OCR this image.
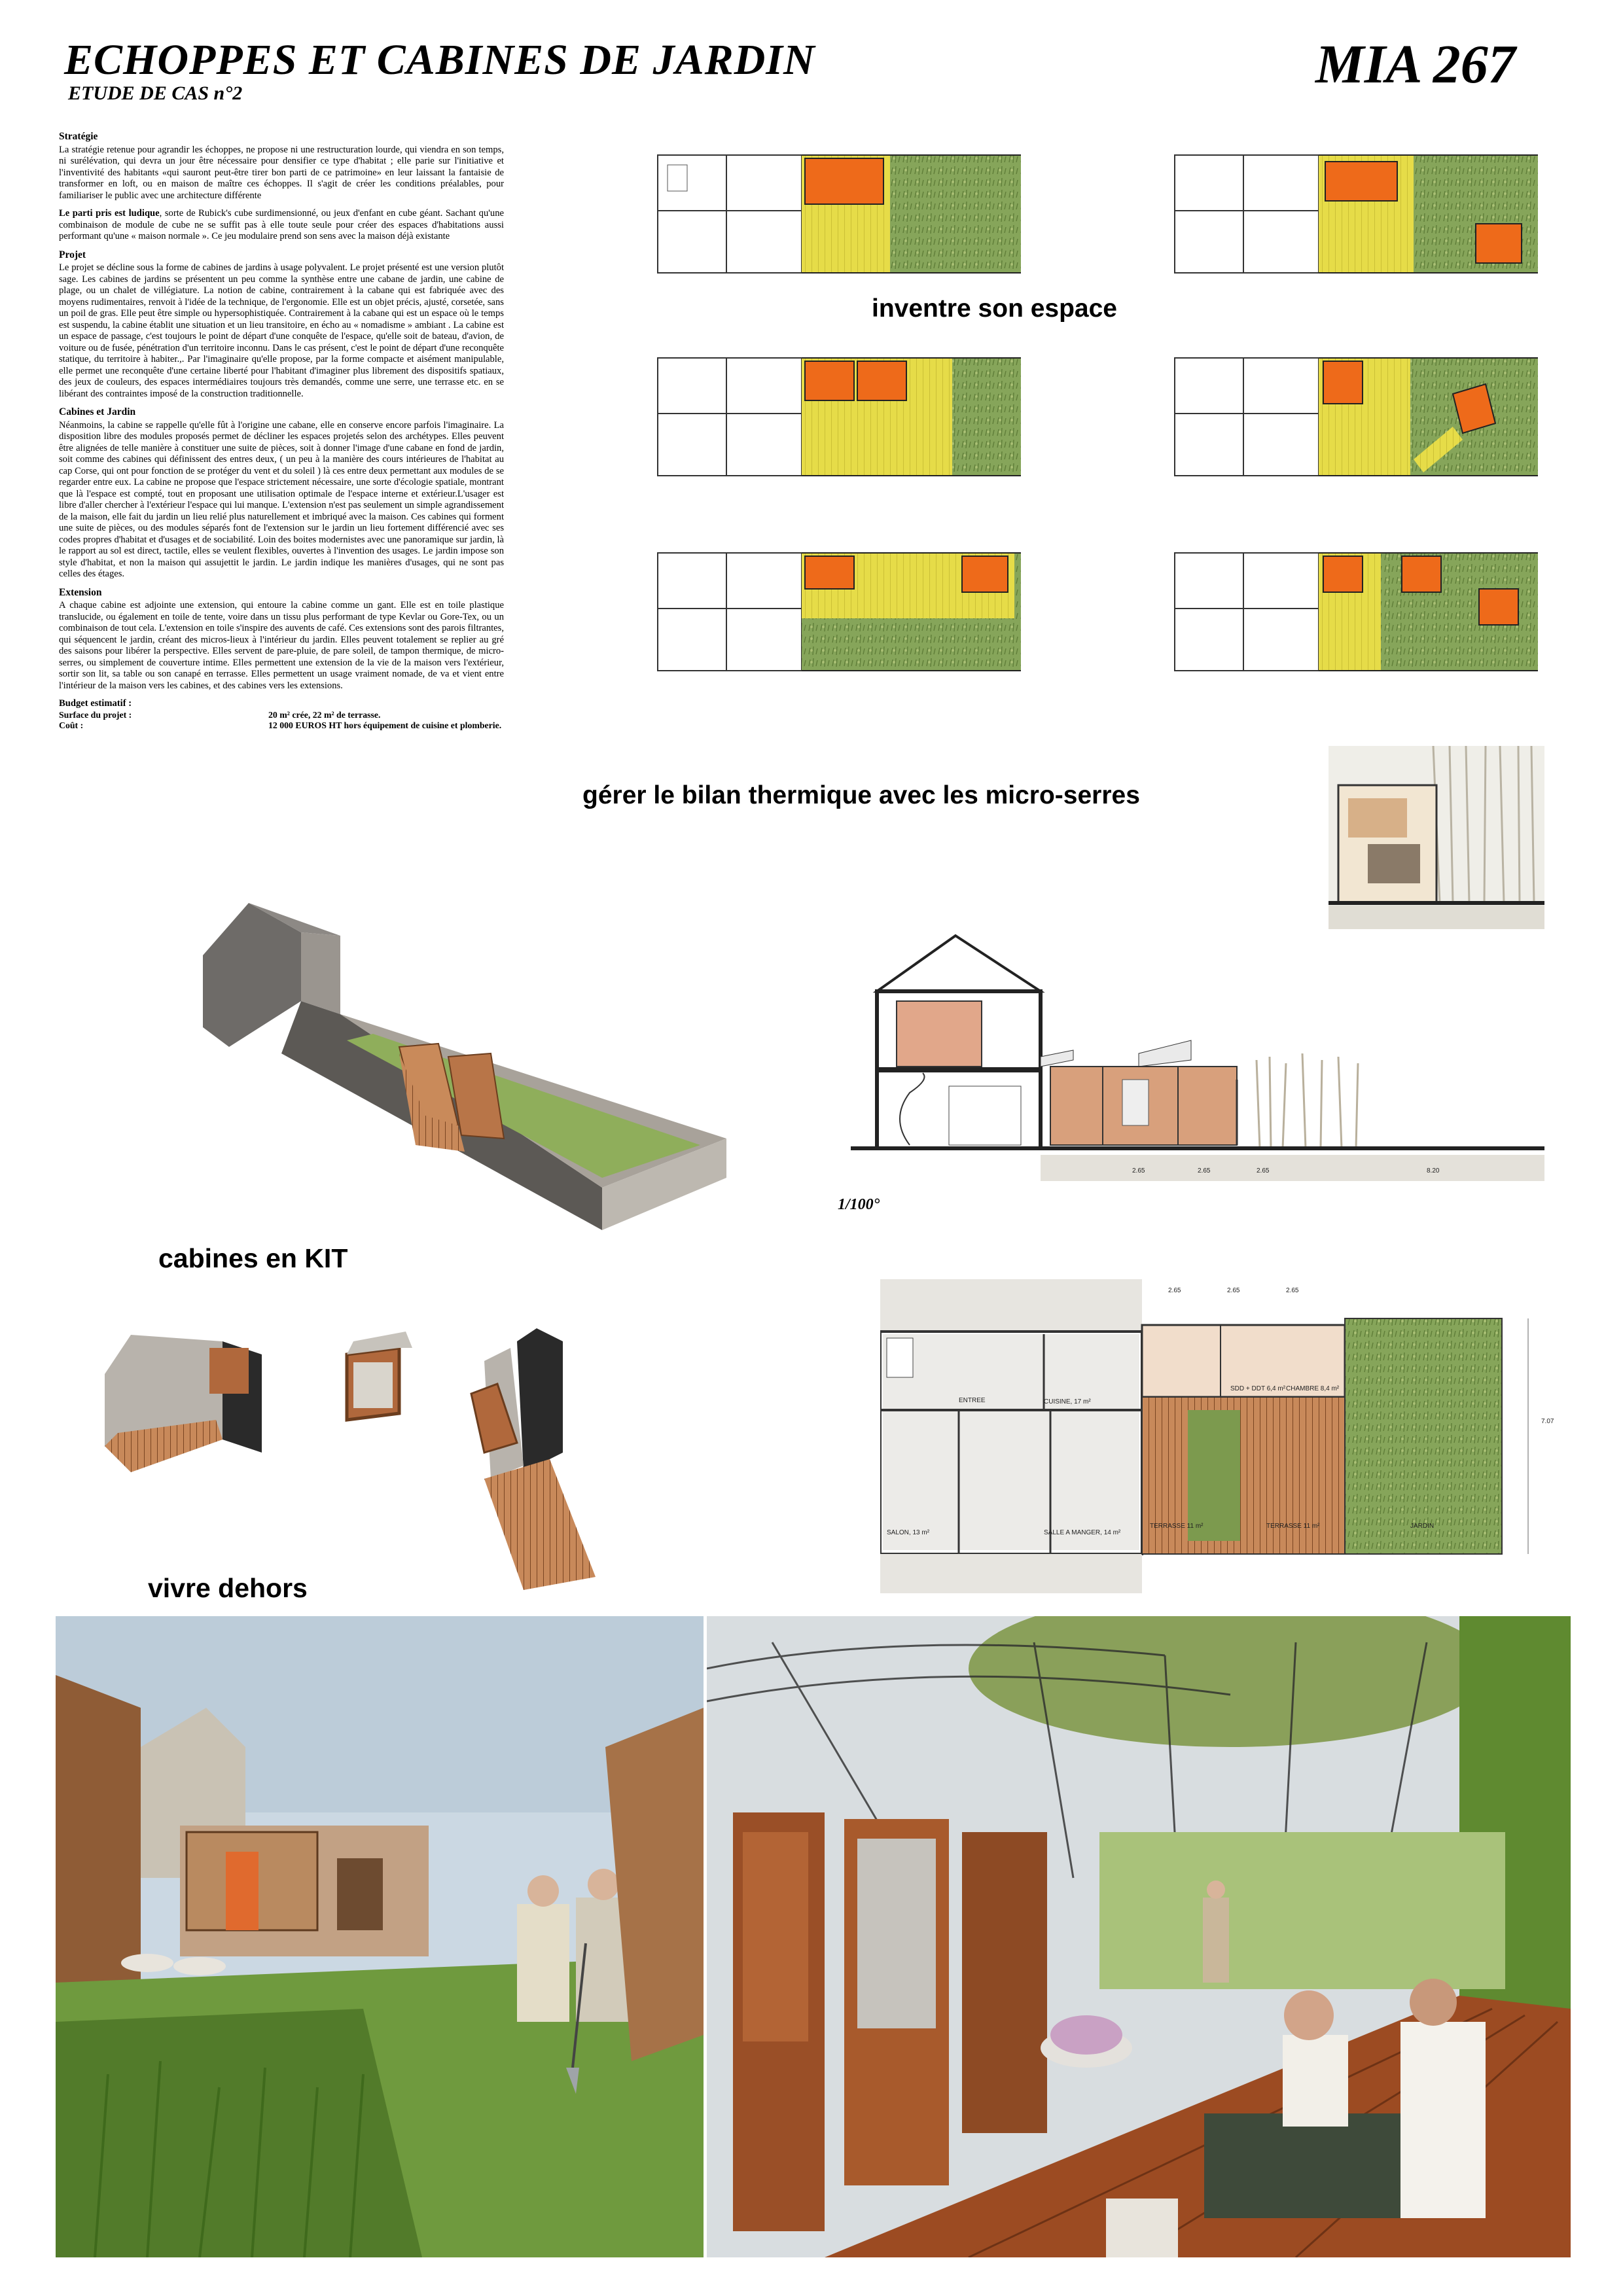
ECHOPPES ET CABINES DE JARDIN
ETUDE DE CAS n°2	MIA 267
Stratégie

La stratégie retenue pour agrandir les échoppes, ne propose ni une restructuration lourde, qui viendra en son temps, ni surélévation, qui devra un jour être nécessaire pour densifier ce type d'habitat ; elle parie sur l'initiative et l'inventivité des habitants «qui sauront peut-être tirer bon parti de ce patrimoine» en leur laissant la fantaisie de transformer en loft, ou en maison de maître ces échoppes. Il s'agit de créer les conditions préalables, pour familiariser le public avec une architecture différente

Le parti pris est ludique, sorte de Rubick's cube surdimensionné, ou jeux d'enfant en cube géant. Sachant qu'une combinaison de module de cube ne se suffit pas à elle toute seule pour créer des espaces d'habitations aussi performant qu'une « maison normale ». Ce jeu modulaire prend son sens avec la maison déjà existante

Projet

Le projet se décline sous la forme de cabines de jardins à usage polyvalent. Le projet présenté est une version plutôt sage. Les cabines de jardins se présentent un peu comme la synthèse entre une cabane de jardin, une cabine de plage, ou un chalet de villégiature. La notion de cabine, contrairement à la cabane qui est fabriquée avec des moyens rudimentaires, renvoit à l'idée de la technique, de l'ergonomie. Elle est un objet précis, ajusté, corsetée, sans un poil de gras. Elle peut être simple ou hypersophistiquée. Contrairement à la cabane qui est un espace où le temps est suspendu, la cabine établit une situation et un lieu transitoire, en écho au « nomadisme » ambiant . La cabine est un espace de passage, c'est toujours le point de départ d'une conquête de l'espace, qu'elle soit de bateau, d'avion, de voiture ou de fusée, pénétration d'un territoire inconnu. Dans le cas présent, c'est le point de départ d'une reconquête statique, du territoire à habiter.,. Par l'imaginaire qu'elle propose, par la forme compacte et aisément manipulable, elle permet une reconquête d'une certaine liberté pour l'habitant d'imaginer plus librement des dispositifs spatiaux, des jeux de couleurs, des espaces intermédiaires toujours très demandés, comme une serre, une terrasse etc. en se libérant des contraintes imposé de la construction traditionnelle.

Cabines et Jardin

Néanmoins, la cabine se rappelle qu'elle fût à l'origine une cabane, elle en conserve encore parfois l'imaginaire. La disposition libre des modules proposés permet de décliner les espaces projetés selon des archétypes. Elles peuvent être alignées de telle manière à constituer une suite de pièces, soit à donner l'image d'une cabane en fond de jardin, soit comme des cabines qui définissent des entres deux, ( un peu à la manière des cours intérieures de l'habitat au cap Corse, qui ont pour fonction de se protéger du vent et du soleil ) là ces entre deux permettant aux modules de se regarder entre eux. La cabine ne propose que l'espace strictement nécessaire, une sorte d'écologie spatiale, montrant que là l'espace est compté, tout en proposant une utilisation optimale de l'espace interne et extérieur.L'usager est libre d'aller chercher à l'extérieur l'espace qui lui manque. L'extension n'est pas seulement un simple agrandissement de la maison, elle fait du jardin un lieu relié plus naturellement et imbriqué avec la maison. Ces cabines qui forment une suite de pièces, ou des modules séparés font de l'extension sur le jardin un lieu fortement différencié avec ses codes propres d'habitat et d'usages et de sociabilité. Loin des boites modernistes avec une panoramique sur jardin, là le rapport au sol est direct, tactile, elles se veulent flexibles, ouvertes à l'invention des usages. Le jardin impose son style d'habitat, et non la maison qui assujettit le jardin. Le jardin indique les manières d'usages, qui ne sont pas celles des étages.

Extension

A chaque cabine est adjointe une extension, qui entoure la cabine comme un gant. Elle est en toile plastique translucide, ou également en toile de tente, voire dans un tissu plus performant de type Kevlar ou Gore-Tex, ou un combinaison de tout cela. L'extension en toile s'inspire des auvents de café. Ces extensions sont des parois filtrantes, qui séquencent le jardin, créant des micros-lieux à l'intérieur du jardin. Elles peuvent totalement se replier au gré des saisons pour libérer la perspective. Elles servent de pare-pluie, de pare soleil, de tampon thermique, de micro-serres, ou simplement de couverture intime. Elles permettent une extension de la vie de la maison vers l'extérieur, sortir son lit, sa table ou son canapé en terrasse. Elles permettent un usage vraiment nomade, de va et vient entre l'intérieur de la maison vers les cabines, et des cabines vers les extensions.

Budget estimatif :
Surface du projet :	20 m² crée, 22 m² de terrasse.
Coût :	12 000 EUROS HT hors équipement de cuisine et plomberie.
inventre son espace
gérer le bilan thermique avec les micro-serres
2.65	2.65	2.65	8.20
1/100°
cabines en KIT
vivre dehors
ENTREE	CUISINE, 17 m²
SALON, 13 m²	SALLE A MANGER, 14 m²
SDD + DDT 6,4 m² CHAMBRE 8,4 m²
TERRASSE 11 m²	TERRASSE 11 m²	JARDIN
2.65	2.65	2.65
7.07
